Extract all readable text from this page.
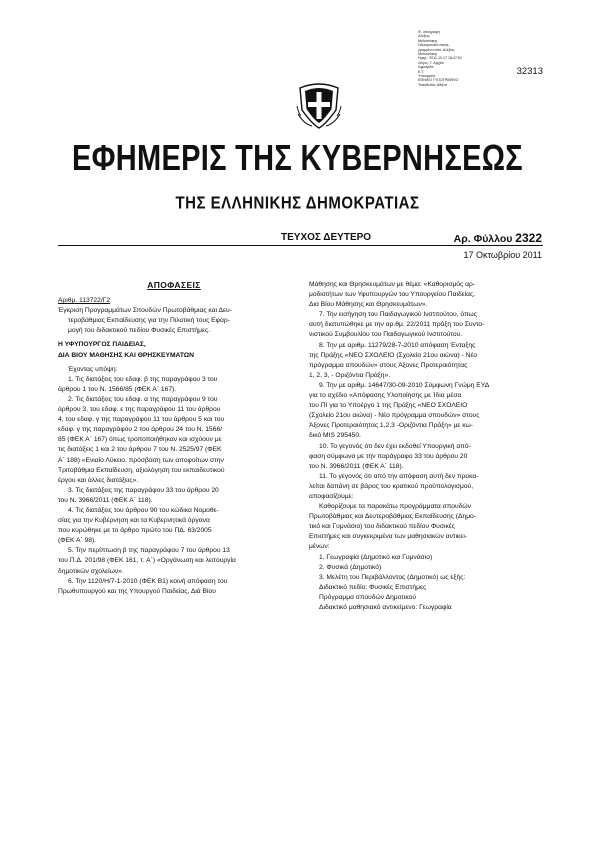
Ψ. υπογραφή
Αλέξιος
Μελισσάκης
Ηλεκτρονικά υπογε-
γραμμένο από: Αλέξιος
Μελισσάκης
Ημερ.: 2011.10.17 16:47:51
Λόγος: Γ. Αρχείο
Σφραγίδα
Ε.Τ.
Υπουργείο:
ΕΘΝΙΚΟ ΤΥΠΟΓΡΑΦΕΙΟ
Τοποθεσία: Αθήνα
32313
ΕΦΗΜΕΡΙΣ ΤΗΣ ΚΥΒΕΡΝΗΣΕΩΣ
ΤΗΣ ΕΛΛΗΝΙΚΗΣ ΔΗΜΟΚΡΑΤΙΑΣ
ΤΕΥΧΟΣ ΔΕΥΤΕΡΟ	Αρ. Φύλλου 2322
17 Οκτωβρίου 2011

ΑΠΟΦΑΣΕΙΣ

Αριθμ. 113722/Γ2

Έγκριση Προγραμμάτων Σπουδών Πρωτοβάθμιας και Δευ-

τεροβάθμιας Εκπαίδευσης για την Πιλοτική τους Εφαρ-

μογή του διδακτικού πεδίου Φυσικές Επιστήμες.

Η ΥΦΥΠΟΥΡΓΟΣ ΠΑΙΔΕΙΑΣ,

ΔΙΑ ΒΙΟΥ ΜΑΘΗΣΗΣ ΚΑΙ ΘΡΗΣΚΕΥΜΑΤΩΝ

Έχοντας υπόψη:

1. Τις διατάξεις του εδαφ. β της παραγράφου 3 του

άρθρου 1 του Ν. 1566/85 (ΦΕΚ Α΄ 167).

2. Τις διατάξεις του εδαφ. α της παραγράφου 9 του

άρθρου 3, του εδαφ. ε της παραγράφου 11 του άρθρου

4, του εδαφ. γ της παραγράφου 11 του άρθρου 5 και του

εδαφ. γ της παραγράφου 2 του άρθρου 24 του Ν. 1566/

85 (ΦΕΚ Α΄ 167) όπως τροποποιήθηκαν και ισχύουν με

τις διατάξεις 1 και 2 του άρθρου 7 του Ν. 2525/97 (ΦΕΚ

Α΄ 188) «Ενιαίο Λύκειο, πρόσβαση των αποφοίτων στην

Τριτοβάθμια Εκπαίδευση, αξιολόγηση του εκπαιδευτικού

έργου και άλλες διατάξεις».

3. Τις διατάξεις της παραγράφου 33 του άρθρου 20

του Ν. 3966/2011 (ΦΕΚ Α΄ 118).

4. Τις διατάξεις του άρθρου 90 του κώδικα Νομοθε-

σίας για την Κυβέρνηση και τα Κυβερνητικά όργανα

που κυρώθηκε με το άρθρο πρώτο του ΠΔ. 63/2005

(ΦΕΚ Α΄ 98).

5. Την περίπτωση β της παραγράφου 7 του άρθρου 13

του Π.Δ. 201/98 (ΦΕΚ 161, τ. Α΄) «Οργάνωση και λειτουργία

δημοτικών σχολείων».

6. Την 1120/Η/7-1-2010 (ΦΕΚ Β1) κοινή απόφαση του

Πρωθυπουργού και της Υπουργού Παιδείας, Διά Βίου

Μάθησης και Θρησκευμάτων με θέμα: «Καθορισμός αρ-

μοδιοτήτων των Υφυπουργών του Υπουργείου Παιδείας,

Δια Βίου Μάθησης και Θρησκευμάτων».

7. Την εισήγηση του Παιδαγωγικού Ινστιτούτου, όπως

αυτή διατυπώθηκε με την αρ.θμ. 22/2011 πράξη του Συντο-

νιστικού Συμβουλίου του Παιδαγωγικού Ινστιτούτου.

8. Την με αριθμ. 11279/28-7-2010 απόφαση Ένταξης

της Πράξης «ΝΕΟ ΣΧΟΛΕΙΟ (Σχολείο 21ου αιώνα) - Νέο

πρόγραμμα σπουδών» στους Άξονες Προτεραιότητας

1, 2, 3, - Οριζόντια Πράξη».

9. Την με αριθμ. 14647/30-09-2010 Σύμφωνη Γνώμη ΕΥΔ

για το σχέδιο «Απόφασης Υλοποίησης με Ίδια μέσα

του ΠΙ για το Υποέργο 1 της Πράξης «ΝΕΟ ΣΧΟΛΕΙΟ

(Σχολείο 21ου αιώνα) - Νέο πρόγραμμα σπουδών» στους

Άξονες Προτεραιότητας 1,2,3 -Οριζόντια Πράξη» με κω-

δικό MIS 295450.

10. Το γεγονός ότι δεν έχει εκδοθεί Υπουργική από-

φαση σύμφωνα με την παράγραφο 33 του άρθρου 20

του Ν. 3966/2011 (ΦΕΚ Α΄ 118).

11. Το γεγονός ότι από την απόφαση αυτή δεν προκα-

λείται δαπάνη σε βάρος του κρατικού προϋπολογισμού,

αποφασίζουμε:

Καθορίζουμε τα παρακάτω προγράμματα σπουδών

Πρωτοβάθμιας και Δευτεροβάθμιας Εκπαίδευσης (Δημο-

τικό και Γυμνάσιο) του διδακτικού πεδίου Φυσικές

Επιστήμες και συγκεκριμένα των μαθησιακών αντικει-

μένων:

1. Γεωγραφία (Δημοτικό και Γυμνάσιο)

2. Φυσικά (Δημοτικό)

3. Μελέτη του Περιβάλλοντος (Δημοτικό) ως εξής:

Διδακτικό πεδίο: Φυσικές Επιστήμες

Πρόγραμμα σπουδών Δημοτικού

Διδακτικό μαθησιακό αντικείμενο: Γεωγραφία
